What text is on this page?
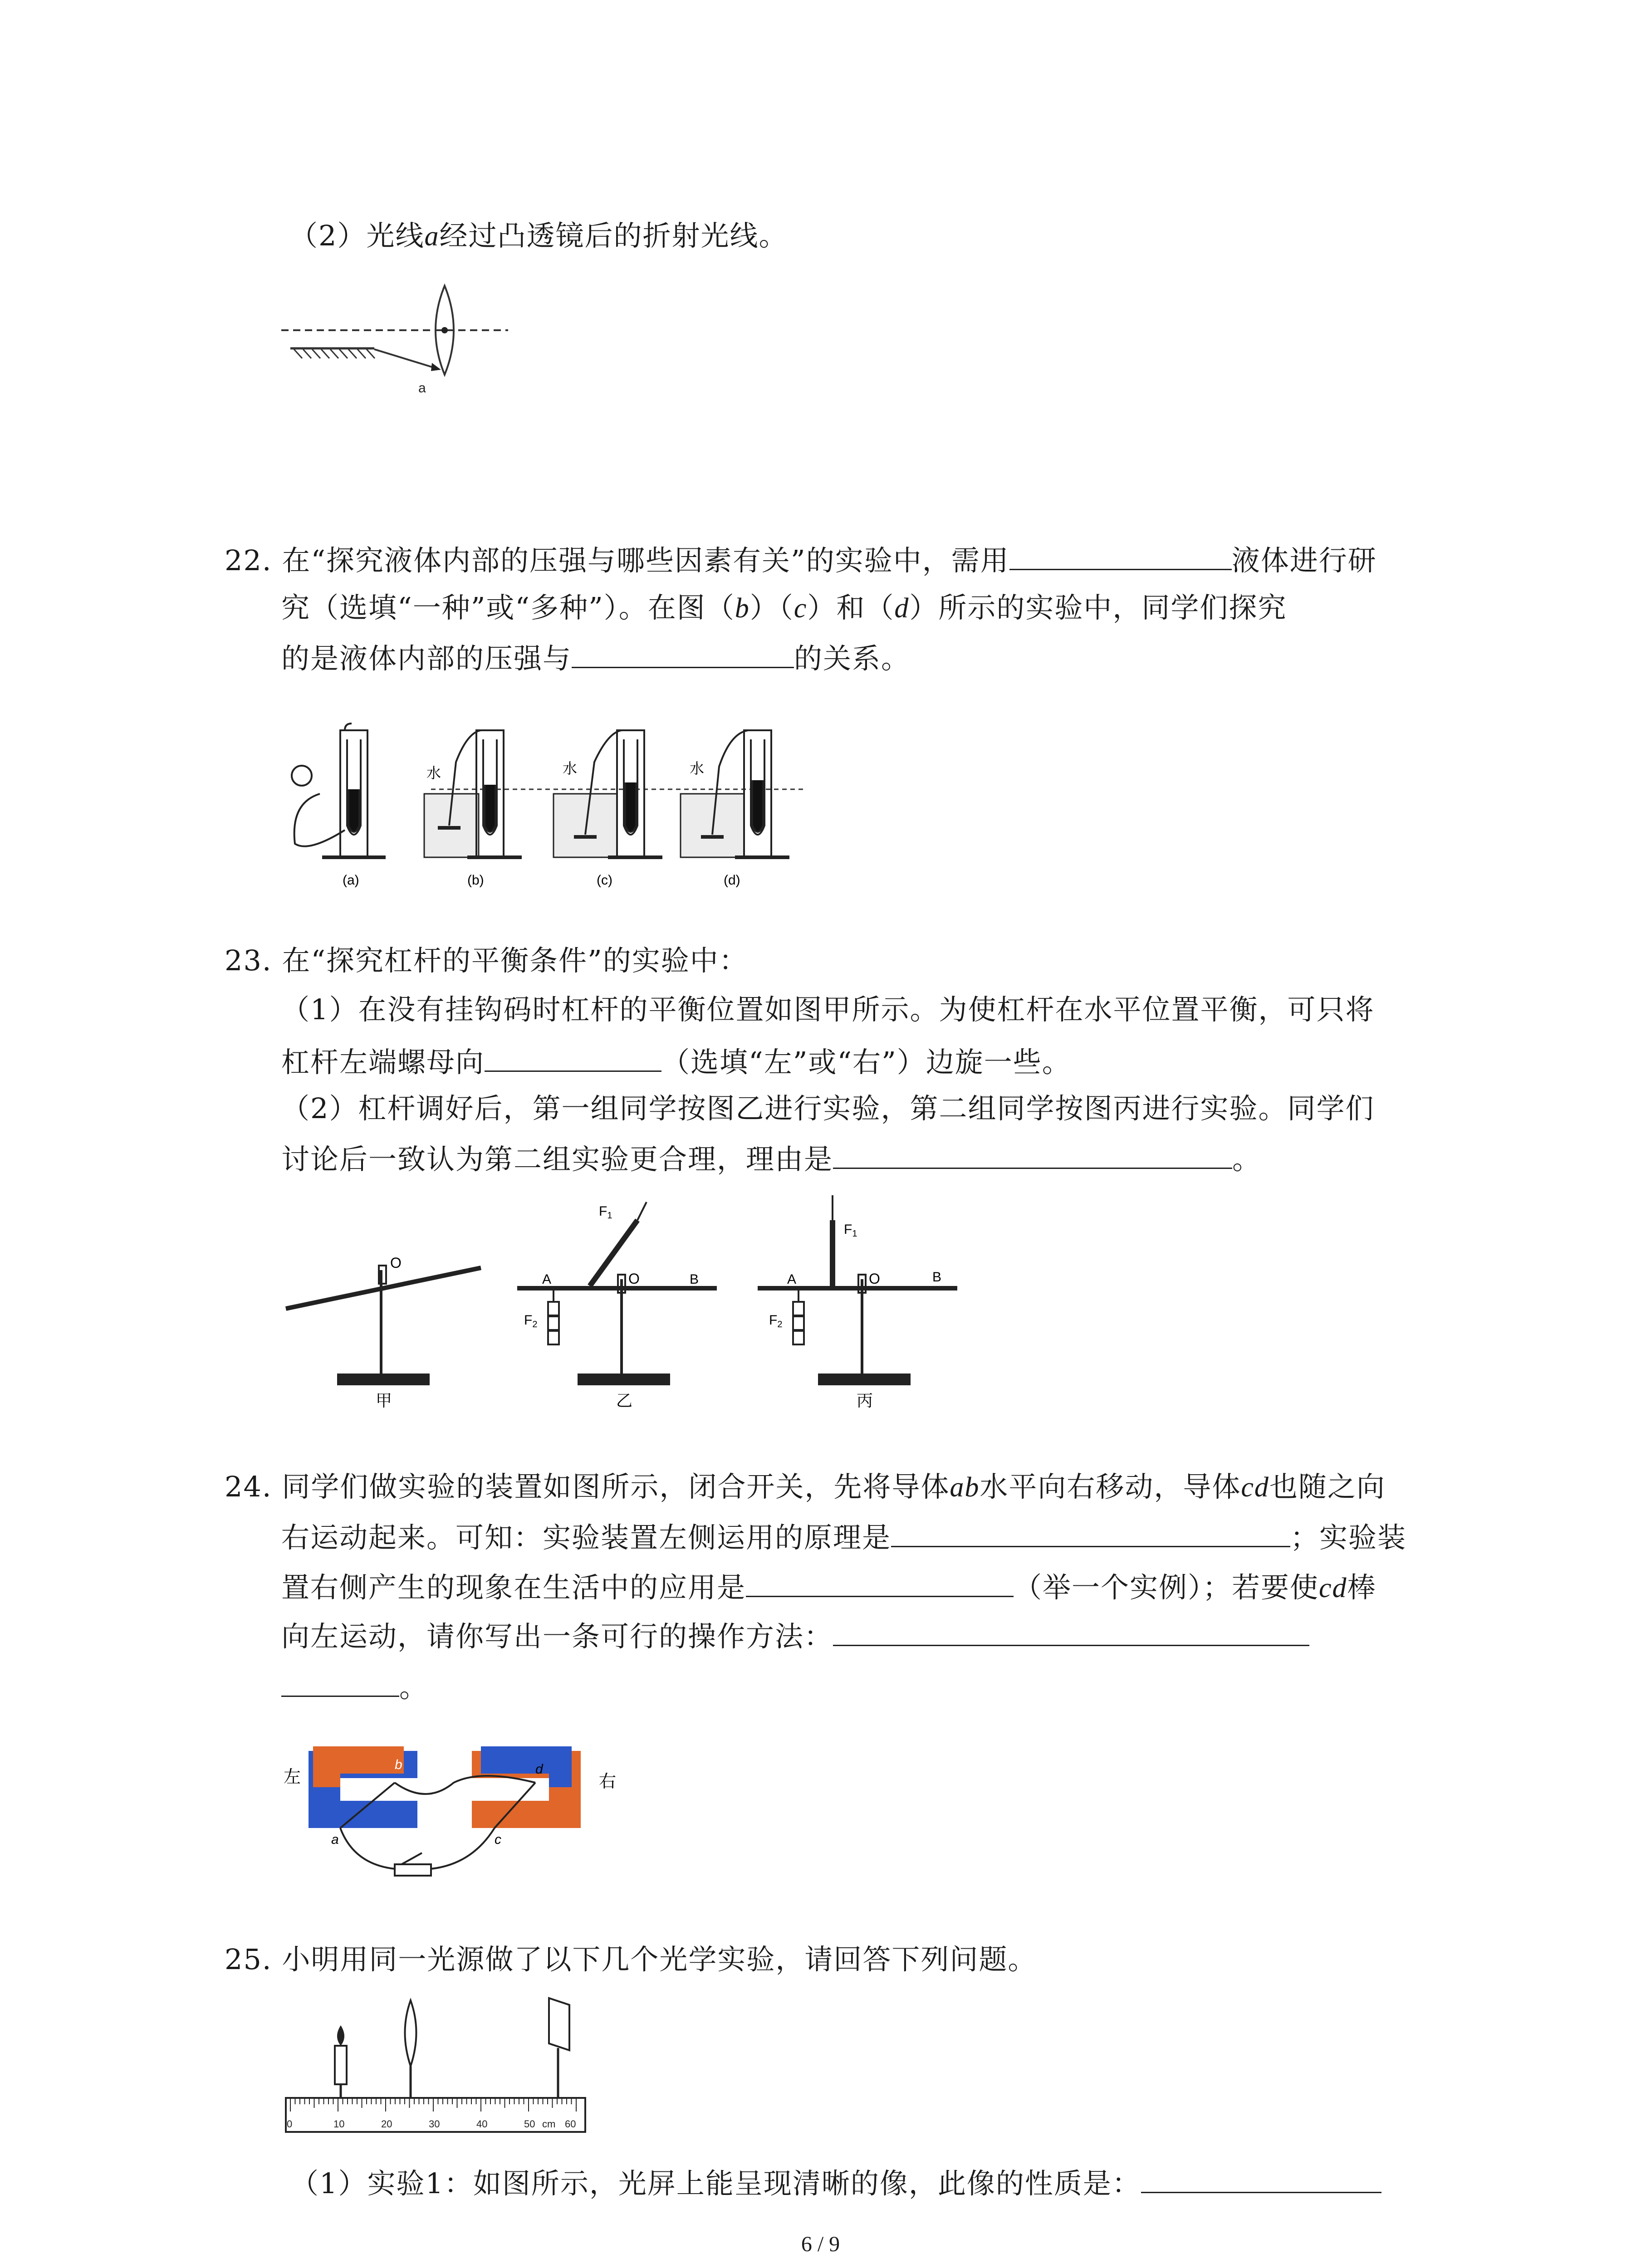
（2）光线a经过凸透镜后的折射光线。
a
22. 在“探究液体内部的压强与哪些因素有关”的实验中，需用	液体进行研
究（选填“一种”或“多种”）。在图（b）（c）和（d）所示的实验中，同学们探究
的是液体内部的压强与	的关系。
(a)
水
(b)
水
(c)
水
(d)
23. 在“探究杠杆的平衡条件”的实验中：
（1）在没有挂钩码时杠杆的平衡位置如图甲所示。为使杠杆在水平位置平衡，可只将
杠杆左端螺母向	（选填“左”或“右”）边旋一些。
（2）杠杆调好后，第一组同学按图乙进行实验，第二组同学按图丙进行实验。同学们
讨论后一致认为第二组实验更合理，理由是	。
O
甲
A	O	B
$F_1$
$F_2$
乙
A	O	B
$F_1$
$F_2$
丙
24. 同学们做实验的装置如图所示，闭合开关，先将导体ab水平向右移动，导体cd也随之向
右运动起来。可知：实验装置左侧运用的原理是	；实验装
置右侧产生的现象在生活中的应用是	（举一个实例）；若要使cd棒
向左运动，请你写出一条可行的操作方法：
。
左	右
a
b
c
d
25. 小明用同一光源做了以下几个光学实验，请回答下列问题。
0	10	20	30	40	50 cm 60
（1）实验1：如图所示，光屏上能呈现清晰的像，此像的性质是：
6 / 9
